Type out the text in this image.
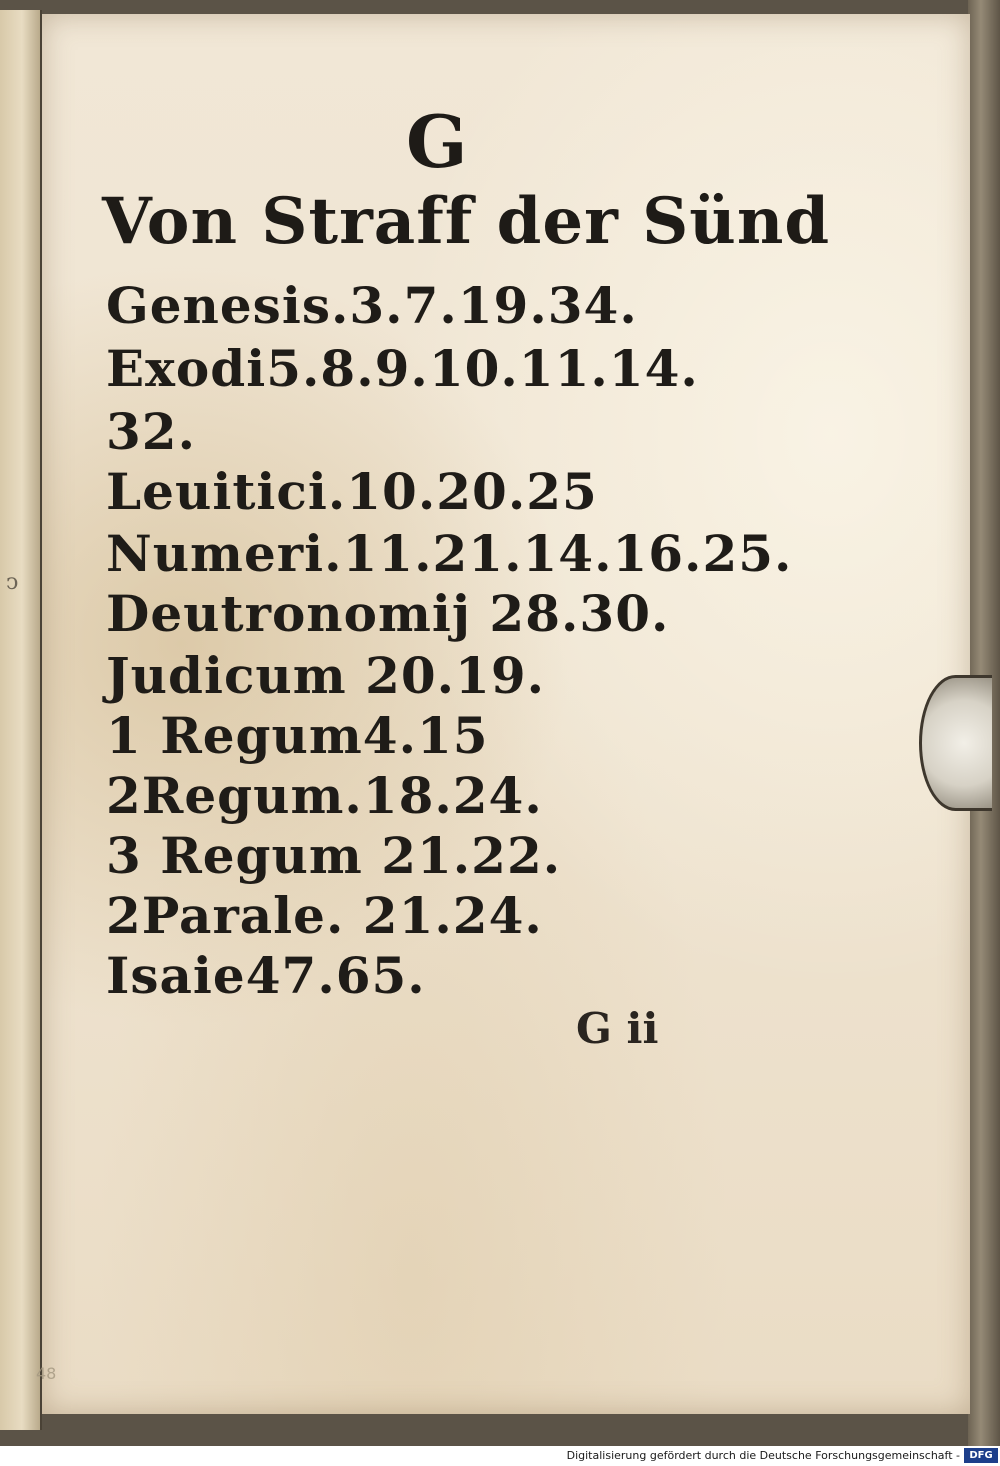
ↄ
G
Von Straff der Sünd
Genesis.3.7.19.34.
Exodi5.8.9.10.11.14.
32.
Leuitici.10.20.25
Numeri.11.21.14.16.25.
Deutronomij 28.30.
Judicum 20.19.
1 Regum4.15
2Regum.18.24.
3 Regum 21.22.
2Parale. 21.24.
Isaie47.65.
G ii
48
Digitalisierung gefördert durch die Deutsche Forschungsgemeinschaft - DFG
